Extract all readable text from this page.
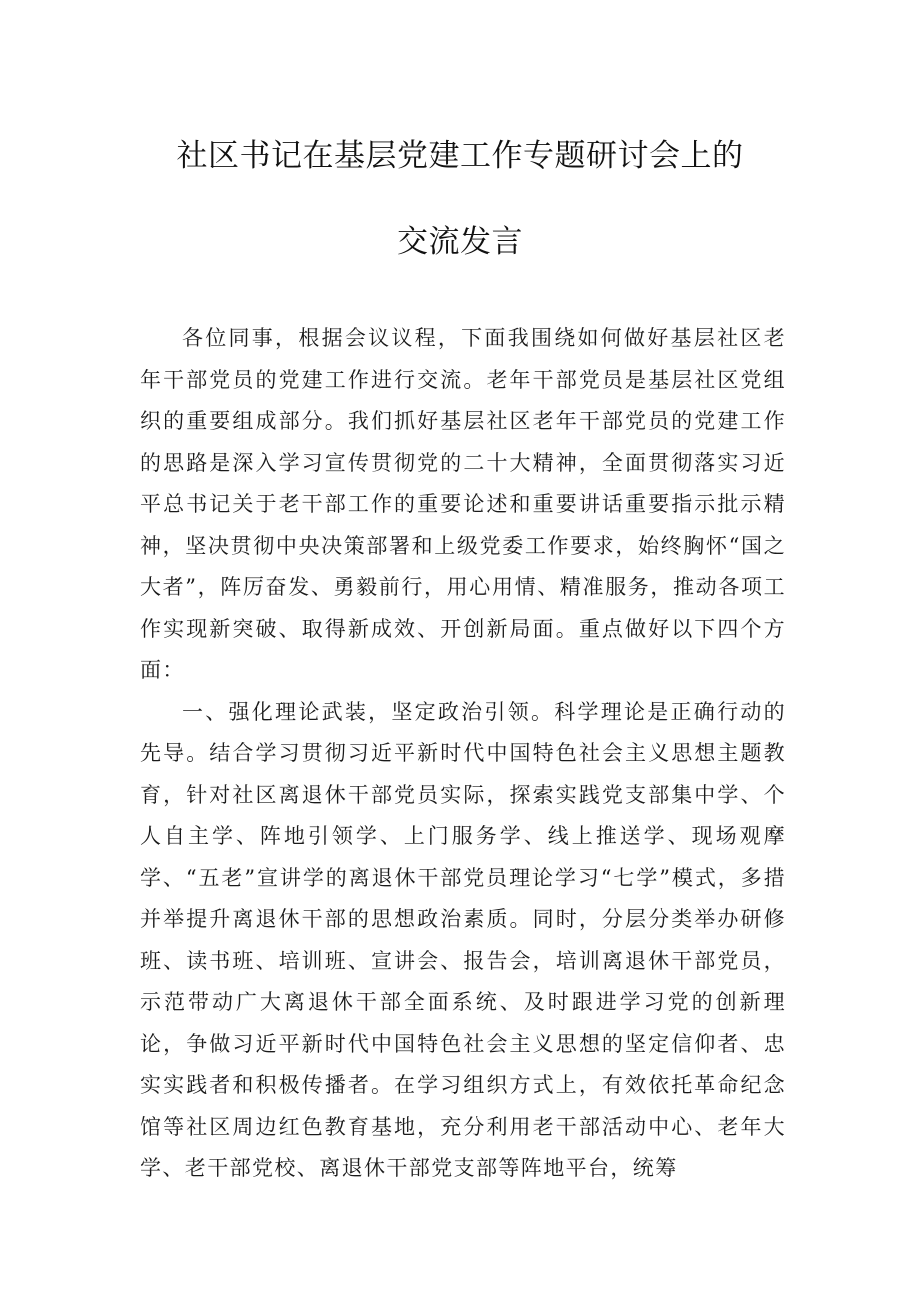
社区书记在基层党建工作专题研讨会上的
交流发言

各位同事，根据会议议程，下面我围绕如何做好基层社区老年干部党员的党建工作进行交流。老年干部党员是基层社区党组织的重要组成部分。我们抓好基层社区老年干部党员的党建工作的思路是深入学习宣传贯彻党的二十大精神，全面贯彻落实习近平总书记关于老干部工作的重要论述和重要讲话重要指示批示精神，坚决贯彻中央决策部署和上级党委工作要求，始终胸怀“国之大者”，阵厉奋发、勇毅前行，用心用情、精准服务，推动各项工作实现新突破、取得新成效、开创新局面。重点做好以下四个方面：

一、强化理论武装，坚定政治引领。科学理论是正确行动的先导。结合学习贯彻习近平新时代中国特色社会主义思想主题教育，针对社区离退休干部党员实际，探索实践党支部集中学、个人自主学、阵地引领学、上门服务学、线上推送学、现场观摩学、“五老”宣讲学的离退休干部党员理论学习“七学”模式，多措并举提升离退休干部的思想政治素质。同时，分层分类举办研修班、读书班、培训班、宣讲会、报告会，培训离退休干部党员，示范带动广大离退休干部全面系统、及时跟进学习党的创新理论，争做习近平新时代中国特色社会主义思想的坚定信仰者、忠实实践者和积极传播者。在学习组织方式上，有效依托革命纪念馆等社区周边红色教育基地，充分利用老干部活动中心、老年大学、老干部党校、离退休干部党支部等阵地平台，统筹
